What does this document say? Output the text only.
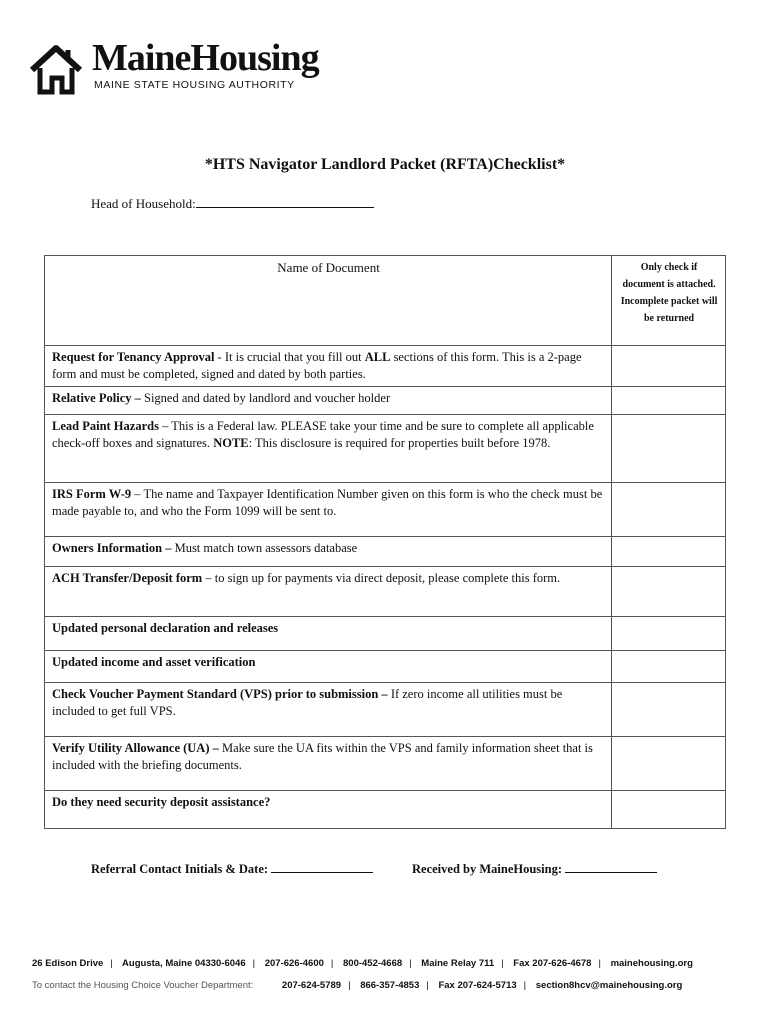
MaineHousing
MAINE STATE HOUSING AUTHORITY
*HTS Navigator Landlord Packet (RFTA)Checklist*
Head of Household:
Name of Document	Only check if document is attached. Incomplete packet will be returned
Request for Tenancy Approval - It is crucial that you fill out ALL sections of this form. This is a 2-page form and must be completed, signed and dated by both parties.	
Relative Policy – Signed and dated by landlord and voucher holder	
Lead Paint Hazards – This is a Federal law. PLEASE take your time and be sure to complete all applicable check-off boxes and signatures. NOTE: This disclosure is required for properties built before 1978.	
IRS Form W-9 – The name and Taxpayer Identification Number given on this form is who the check must be made payable to, and who the Form 1099 will be sent to.	
Owners Information – Must match town assessors database	
ACH Transfer/Deposit form – to sign up for payments via direct deposit, please complete this form.	
Updated personal declaration and releases	
Updated income and asset verification	
Check Voucher Payment Standard (VPS) prior to submission – If zero income all utilities must be included to get full VPS.	
Verify Utility Allowance (UA) – Make sure the UA fits within the VPS and family information sheet that is included with the briefing documents.	
Do they need security deposit assistance?	
Referral Contact Initials & Date:	Received by MaineHousing:
26 Edison Drive | Augusta, Maine 04330-6046 | 207-626-4600 | 800-452-4668 | Maine Relay 711 | Fax 207-626-4678 | mainehousing.org
To contact the Housing Choice Voucher Department:	207-624-5789 | 866-357-4853 | Fax 207-624-5713 | section8hcv@mainehousing.org
